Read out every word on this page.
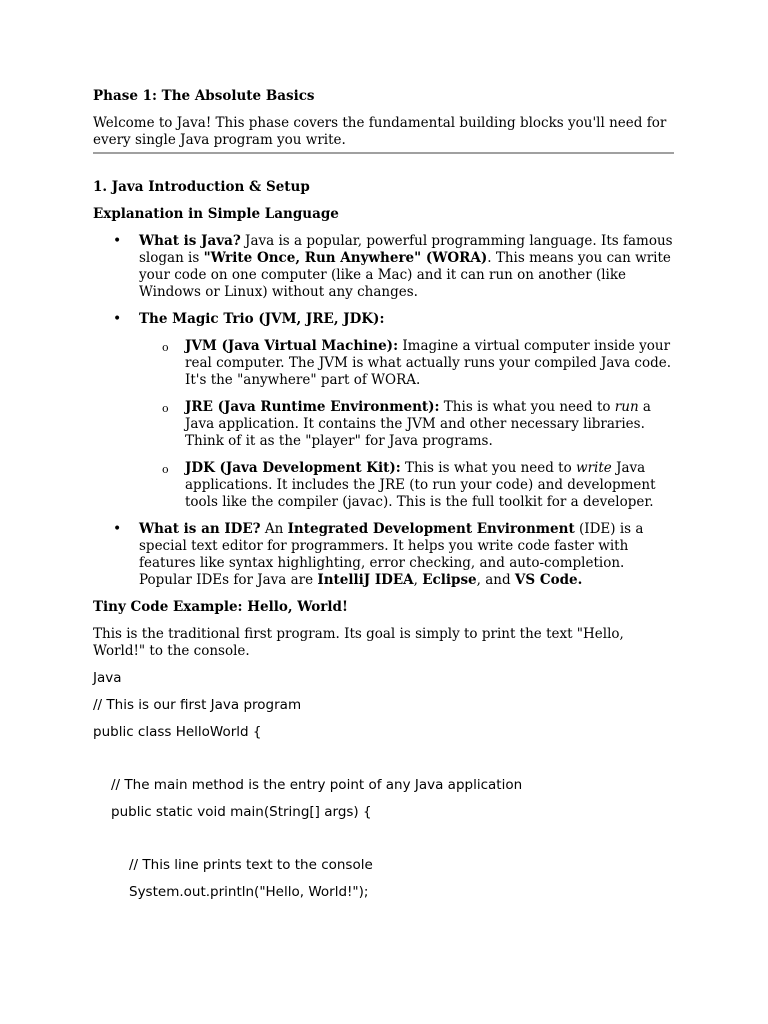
Phase 1: The Absolute Basics

Welcome to Java! This phase covers the fundamental building blocks you'll need for every single Java program you write.

1. Java Introduction & Setup

Explanation in Simple Language

• What is Java? Java is a popular, powerful programming language. Its famous slogan is "Write Once, Run Anywhere" (WORA). This means you can write your code on one computer (like a Mac) and it can run on another (like Windows or Linux) without any changes.
• The Magic Trio (JVM, JRE, JDK):
o JVM (Java Virtual Machine): Imagine a virtual computer inside your real computer. The JVM is what actually runs your compiled Java code. It's the "anywhere" part of WORA.
o JRE (Java Runtime Environment): This is what you need to run a Java application. It contains the JVM and other necessary libraries. Think of it as the "player" for Java programs.
o JDK (Java Development Kit): This is what you need to write Java applications. It includes the JRE (to run your code) and development tools like the compiler (javac). This is the full toolkit for a developer.
• What is an IDE? An Integrated Development Environment (IDE) is a special text editor for programmers. It helps you write code faster with features like syntax highlighting, error checking, and auto-completion. Popular IDEs for Java are IntelliJ IDEA, Eclipse, and VS Code.

Tiny Code Example: Hello, World!

This is the traditional first program. Its goal is simply to print the text "Hello, World!" to the console.

Java

// This is our first Java program

public class HelloWorld {

// The main method is the entry point of any Java application

public static void main(String[] args) {

// This line prints text to the console

System.out.println("Hello, World!");
